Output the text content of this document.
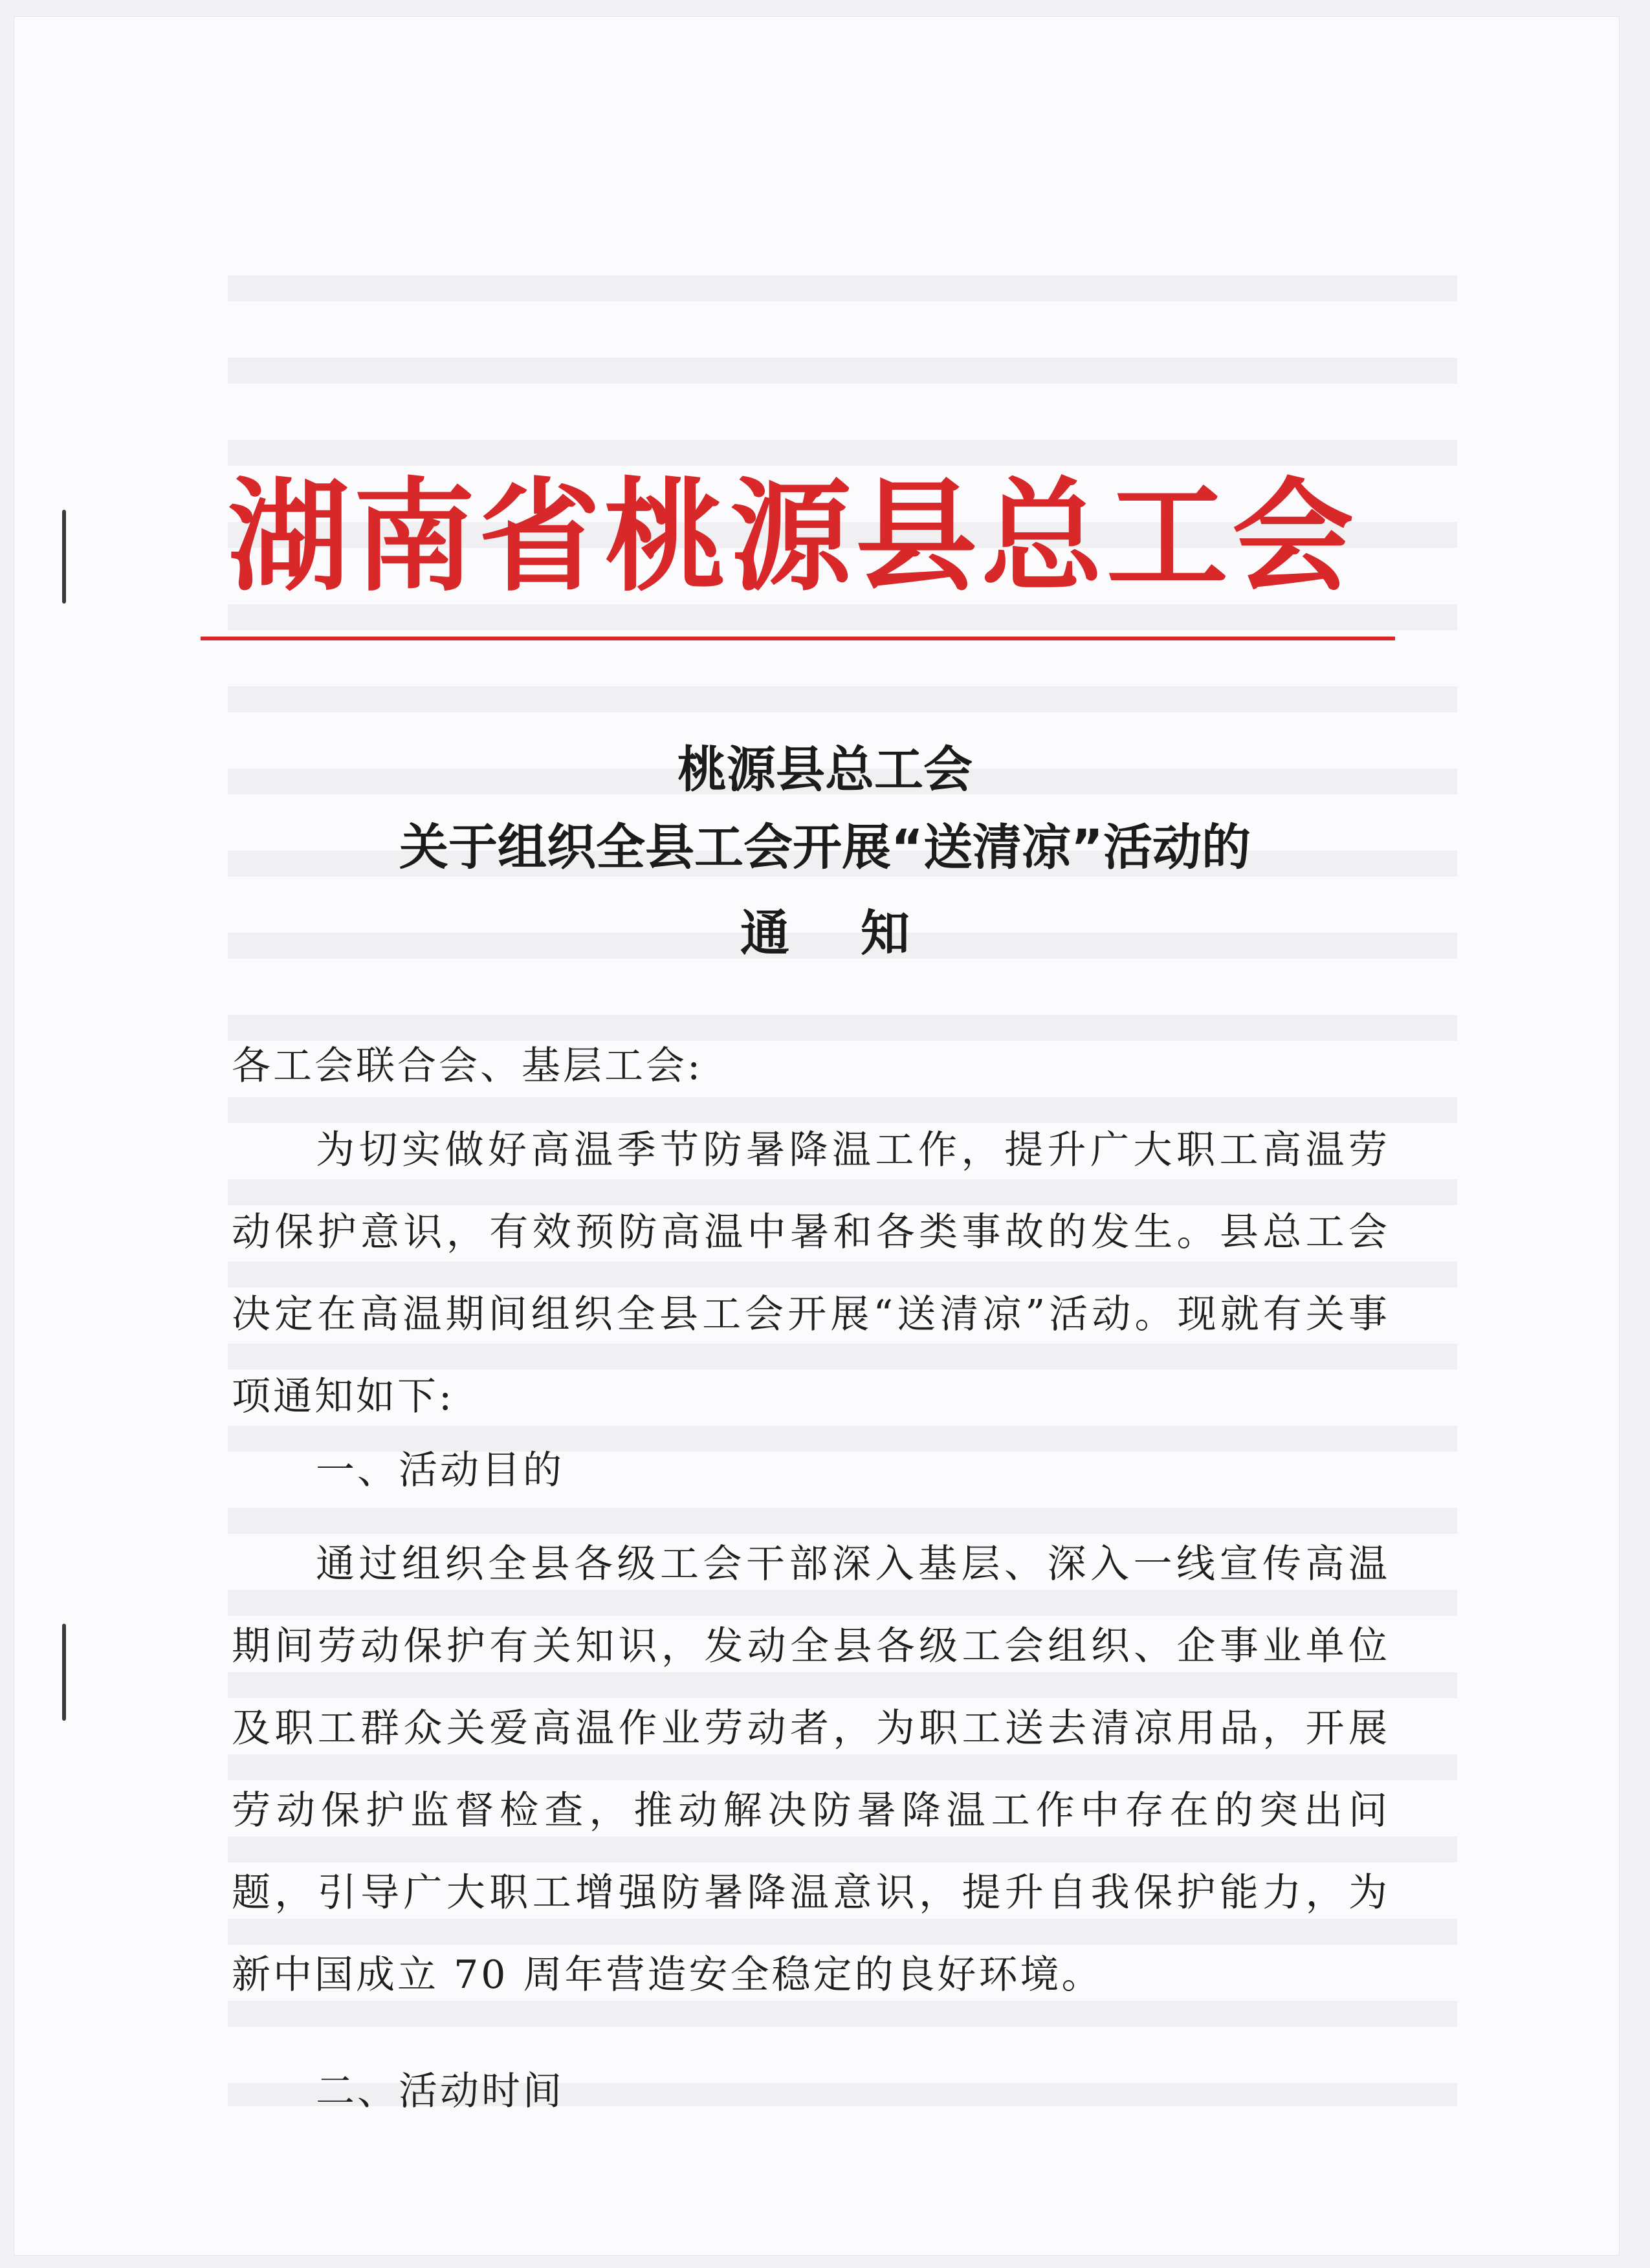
湖南省桃源县总工会
桃源县总工会
关于组织全县工会开展“送清凉”活动的
通知
各工会联合会、基层工会:
为切实做好高温季节防暑降温工作，提升广大职工高温劳动保护意识，有效预防高温中暑和各类事故的发生。县总工会决定在高温期间组织全县工会开展“送清凉”活动。现就有关事项通知如下:
一、活动目的
通过组织全县各级工会干部深入基层、深入一线宣传高温期间劳动保护有关知识，发动全县各级工会组织、企事业单位及职工群众关爱高温作业劳动者，为职工送去清凉用品，开展劳动保护监督检查，推动解决防暑降温工作中存在的突出问题，引导广大职工增强防暑降温意识，提升自我保护能力，为新中国成立 70 周年营造安全稳定的良好环境。
二、活动时间
